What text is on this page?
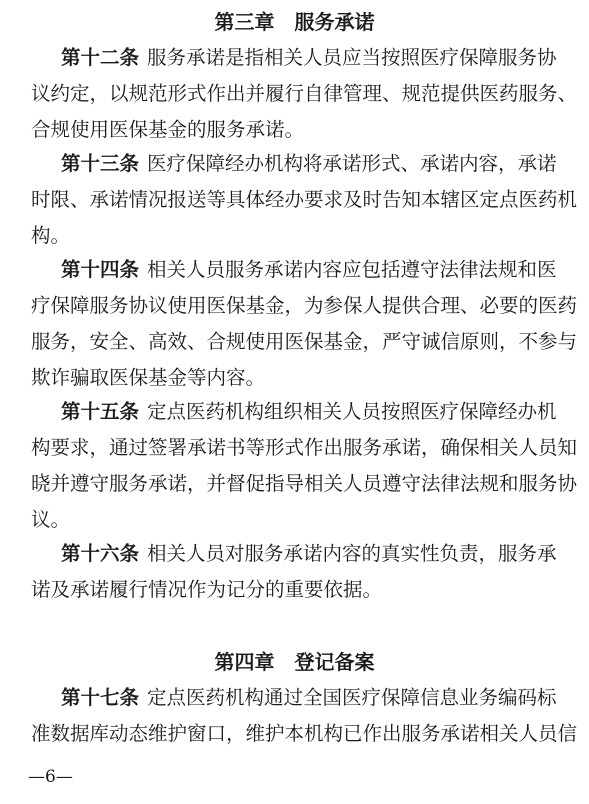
第三章 服务承诺
第十二条 服务承诺是指相关人员应当按照医疗保障服务协
议约定，以规范形式作出并履行自律管理、规范提供医药服务、
合规使用医保基金的服务承诺。
第十三条 医疗保障经办机构将承诺形式、承诺内容，承诺
时限、承诺情况报送等具体经办要求及时告知本辖区定点医药机
构。
第十四条 相关人员服务承诺内容应包括遵守法律法规和医
疗保障服务协议使用医保基金，为参保人提供合理、必要的医药
服务，安全、高效、合规使用医保基金，严守诚信原则，不参与
欺诈骗取医保基金等内容。
第十五条 定点医药机构组织相关人员按照医疗保障经办机
构要求，通过签署承诺书等形式作出服务承诺，确保相关人员知
晓并遵守服务承诺，并督促指导相关人员遵守法律法规和服务协
议。
第十六条 相关人员对服务承诺内容的真实性负责，服务承
诺及承诺履行情况作为记分的重要依据。
第四章 登记备案
第十七条 定点医药机构通过全国医疗保障信息业务编码标
准数据库动态维护窗口，维护本机构已作出服务承诺相关人员信
—6—
